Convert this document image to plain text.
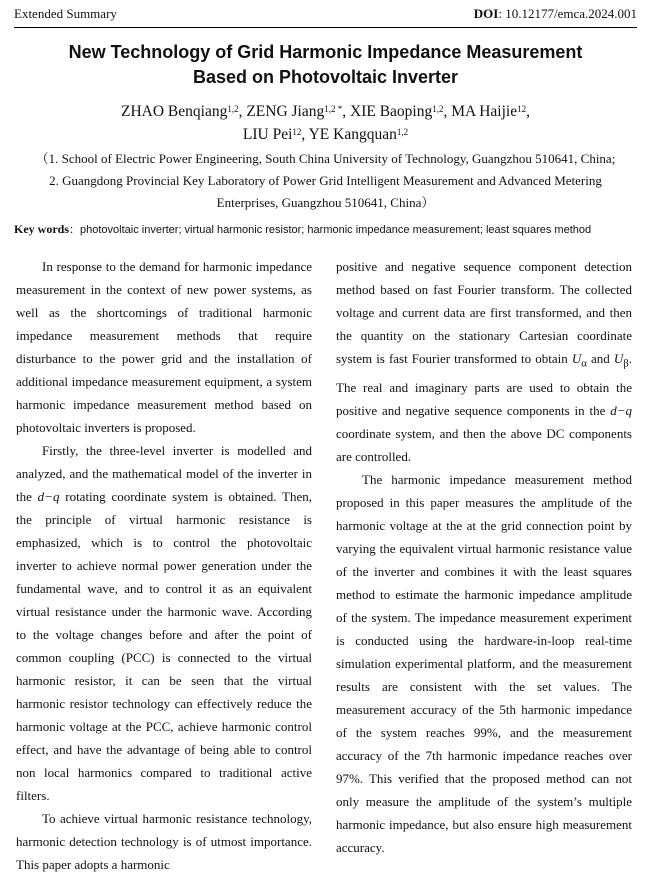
Extended Summary	DOI: 10.12177/emca.2024.001
New Technology of Grid Harmonic Impedance Measurement
Based on Photovoltaic Inverter
ZHAO Benqiang$^{1,2}$, ZENG Jiang$^{1,2 *}$, XIE Baoping$^{1,2}$, MA Haijie$^{12}$,
LIU Pei$^{12}$, YE Kangquan$^{1,2}$
（1. School of Electric Power Engineering, South China University of Technology, Guangzhou 510641, China;
2. Guangdong Provincial Key Laboratory of Power Grid Intelligent Measurement and Advanced Metering
Enterprises, Guangzhou 510641, China）
Key words：photovoltaic inverter; virtual harmonic resistor; harmonic impedance measurement; least squares method

In response to the demand for harmonic impedance measurement in the context of new power systems, as well as the shortcomings of traditional harmonic impedance measurement methods that require disturbance to the power grid and the installation of additional impedance measurement equipment, a system harmonic impedance measurement method based on photovoltaic inverters is proposed.

Firstly, the three-level inverter is modelled and analyzed, and the mathematical model of the inverter in the d−q rotating coordinate system is obtained. Then, the principle of virtual harmonic resistance is emphasized, which is to control the photovoltaic inverter to achieve normal power generation under the fundamental wave, and to control it as an equivalent virtual resistance under the harmonic wave. According to the voltage changes before and after the point of common coupling (PCC) is connected to the virtual harmonic resistor, it can be seen that the virtual harmonic resistor technology can effectively reduce the harmonic voltage at the PCC, achieve harmonic control effect, and have the advantage of being able to control non local harmonics compared to traditional active filters.

To achieve virtual harmonic resistance technology, harmonic detection technology is of utmost importance. This paper adopts a harmonic

positive and negative sequence component detection method based on fast Fourier transform. The collected voltage and current data are first transformed, and then the quantity on the stationary Cartesian coordinate system is fast Fourier transformed to obtain $U_\alpha$ and $U_\beta$. The real and imaginary parts are used to obtain the positive and negative sequence components in the d−q coordinate system, and then the above DC components are controlled.

The harmonic impedance measurement method proposed in this paper measures the amplitude of the harmonic voltage at the at the grid connection point by varying the equivalent virtual harmonic resistance value of the inverter and combines it with the least squares method to estimate the harmonic impedance amplitude of the system. The impedance measurement experiment is conducted using the hardware-in-loop real-time simulation experimental platform, and the measurement results are consistent with the set values. The measurement accuracy of the 5th harmonic impedance of the system reaches 99%, and the measurement accuracy of the 7th harmonic impedance reaches over 97%. This verified that the proposed method can not only measure the amplitude of the system’s multiple harmonic impedance, but also ensure high measurement accuracy.
